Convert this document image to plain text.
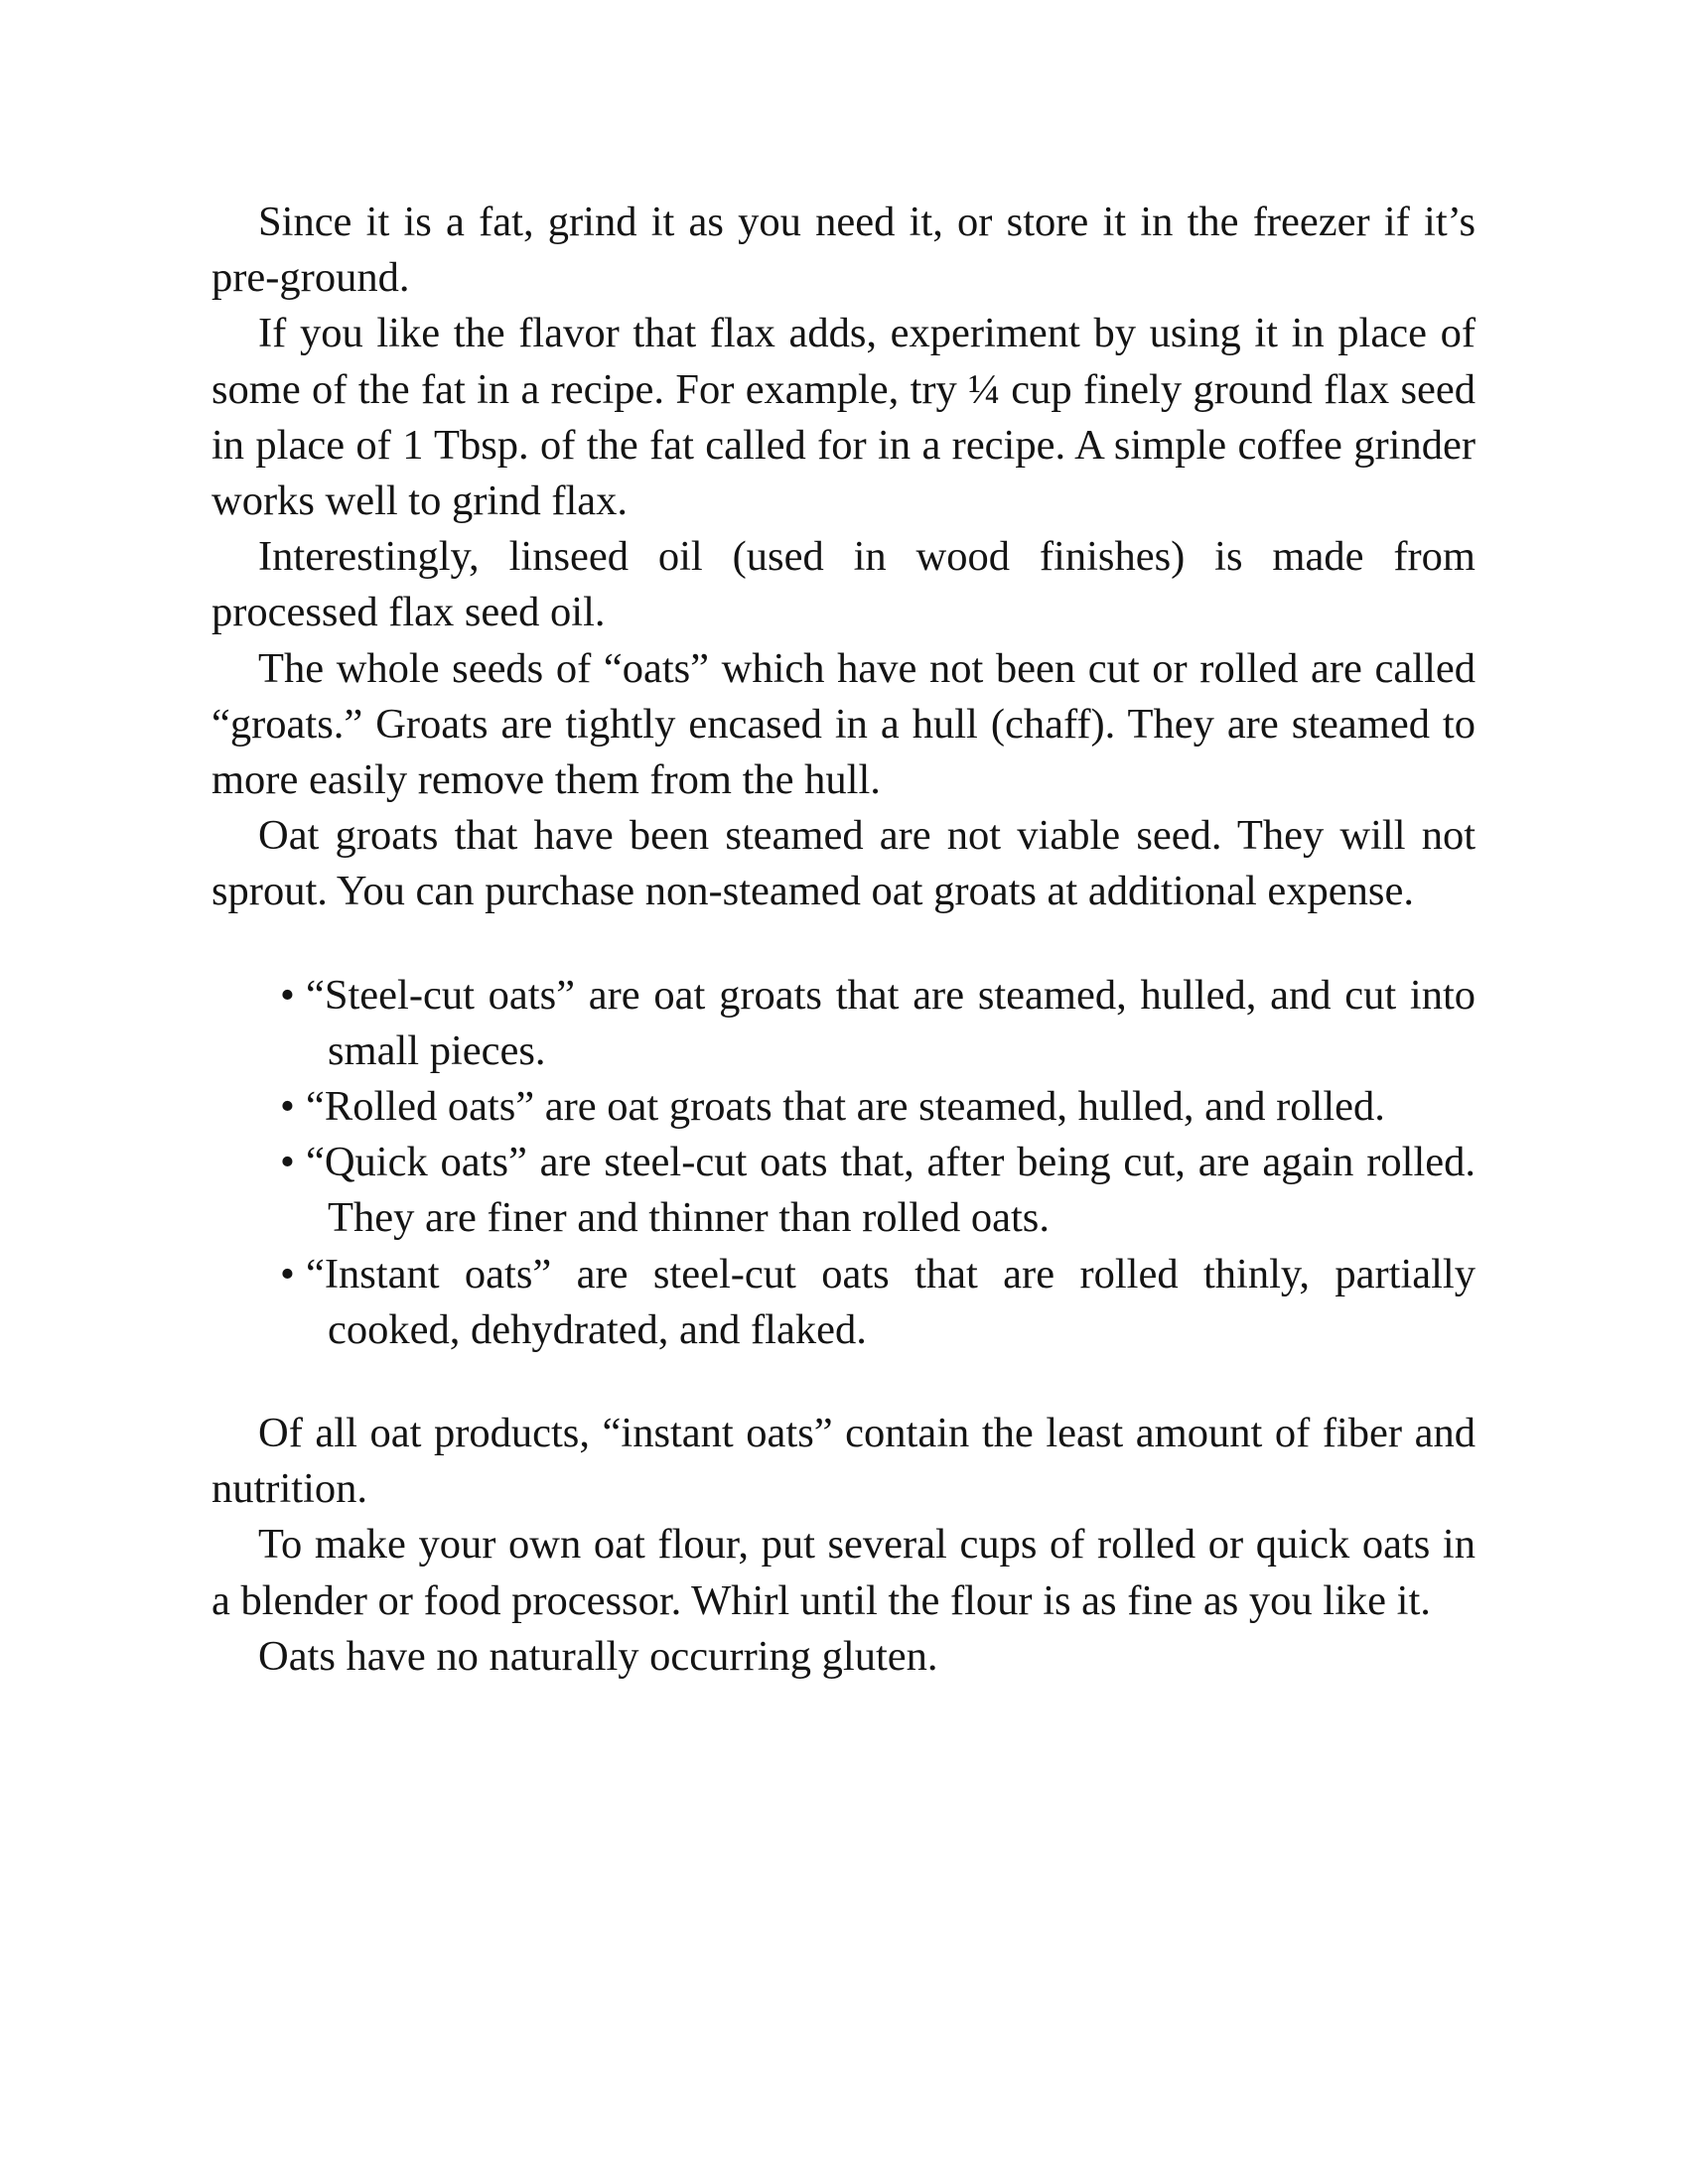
Since it is a fat, grind it as you need it, or store it in the freezer if it’s pre-ground.

If you like the flavor that flax adds, experiment by using it in place of some of the fat in a recipe. For example, try ¼ cup finely ground flax seed in place of 1 Tbsp. of the fat called for in a recipe. A simple coffee grinder works well to grind flax.

Interestingly, linseed oil (used in wood finishes) is made from processed flax seed oil.

The whole seeds of “oats” which have not been cut or rolled are called “groats.” Groats are tightly encased in a hull (chaff). They are steamed to more easily remove them from the hull.

Oat groats that have been steamed are not viable seed. They will not sprout. You can purchase non-steamed oat groats at additional expense.

• “Steel-cut oats” are oat groats that are steamed, hulled, and cut into small pieces.
• “Rolled oats” are oat groats that are steamed, hulled, and rolled.
• “Quick oats” are steel-cut oats that, after being cut, are again rolled. They are finer and thinner than rolled oats.
• “Instant oats” are steel-cut oats that are rolled thinly, partially cooked, dehydrated, and flaked.

Of all oat products, “instant oats” contain the least amount of fiber and nutrition.

To make your own oat flour, put several cups of rolled or quick oats in a blender or food processor. Whirl until the flour is as fine as you like it.

Oats have no naturally occurring gluten.
